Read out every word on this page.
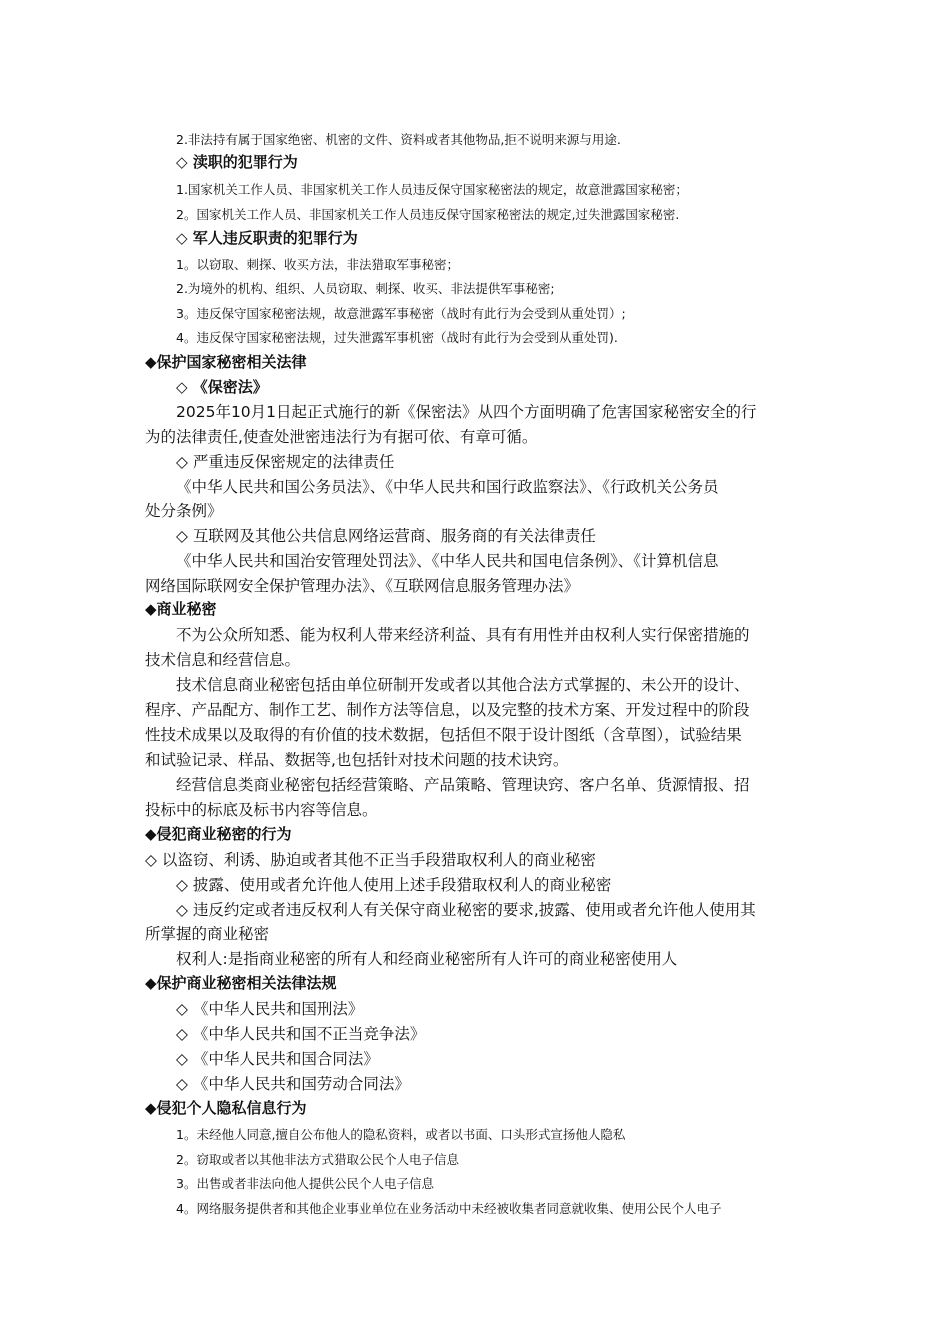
2.非法持有属于国家绝密、机密的文件、资料或者其他物品,拒不说明来源与用途.
◇ 渎职的犯罪行为
1.国家机关工作人员、非国家机关工作人员违反保守国家秘密法的规定，故意泄露国家秘密；
2。国家机关工作人员、非国家机关工作人员违反保守国家秘密法的规定,过失泄露国家秘密.
◇ 军人违反职责的犯罪行为
1。以窃取、刺探、收买方法，非法猎取军事秘密；
2.为境外的机构、组织、人员窃取、刺探、收买、非法提供军事秘密;
3。违反保守国家秘密法规，故意泄露军事秘密（战时有此行为会受到从重处罚）;
4。违反保守国家秘密法规，过失泄露军事机密（战时有此行为会受到从重处罚).
◆保护国家秘密相关法律
◇ 《保密法》
2025年10月1日起正式施行的新《保密法》从四个方面明确了危害国家秘密安全的行
为的法律责任,使查处泄密违法行为有据可依、有章可循。
◇ 严重违反保密规定的法律责任
《中华人民共和国公务员法》、《中华人民共和国行政监察法》、《行政机关公务员
处分条例》
◇ 互联网及其他公共信息网络运营商、服务商的有关法律责任
《中华人民共和国治安管理处罚法》、《中华人民共和国电信条例》、《计算机信息
网络国际联网安全保护管理办法》、《互联网信息服务管理办法》
◆商业秘密
不为公众所知悉、能为权利人带来经济利益、具有有用性并由权利人实行保密措施的
技术信息和经营信息。
技术信息商业秘密包括由单位研制开发或者以其他合法方式掌握的、未公开的设计、
程序、产品配方、制作工艺、制作方法等信息，以及完整的技术方案、开发过程中的阶段
性技术成果以及取得的有价值的技术数据，包括但不限于设计图纸（含草图），试验结果
和试验记录、样品、数据等,也包括针对技术问题的技术诀窍。
经营信息类商业秘密包括经营策略、产品策略、管理诀窍、客户名单、货源情报、招
投标中的标底及标书内容等信息。
◆侵犯商业秘密的行为
◇ 以盗窃、利诱、胁迫或者其他不正当手段猎取权利人的商业秘密
◇ 披露、使用或者允许他人使用上述手段猎取权利人的商业秘密
◇ 违反约定或者违反权利人有关保守商业秘密的要求,披露、使用或者允许他人使用其
所掌握的商业秘密
权利人:是指商业秘密的所有人和经商业秘密所有人许可的商业秘密使用人
◆保护商业秘密相关法律法规
◇ 《中华人民共和国刑法》
◇ 《中华人民共和国不正当竞争法》
◇ 《中华人民共和国合同法》
◇ 《中华人民共和国劳动合同法》
◆侵犯个人隐私信息行为
1。未经他人同意,擅自公布他人的隐私资料，或者以书面、口头形式宣扬他人隐私
2。窃取或者以其他非法方式猎取公民个人电子信息
3。出售或者非法向他人提供公民个人电子信息
4。网络服务提供者和其他企业事业单位在业务活动中未经被收集者同意就收集、使用公民个人电子
